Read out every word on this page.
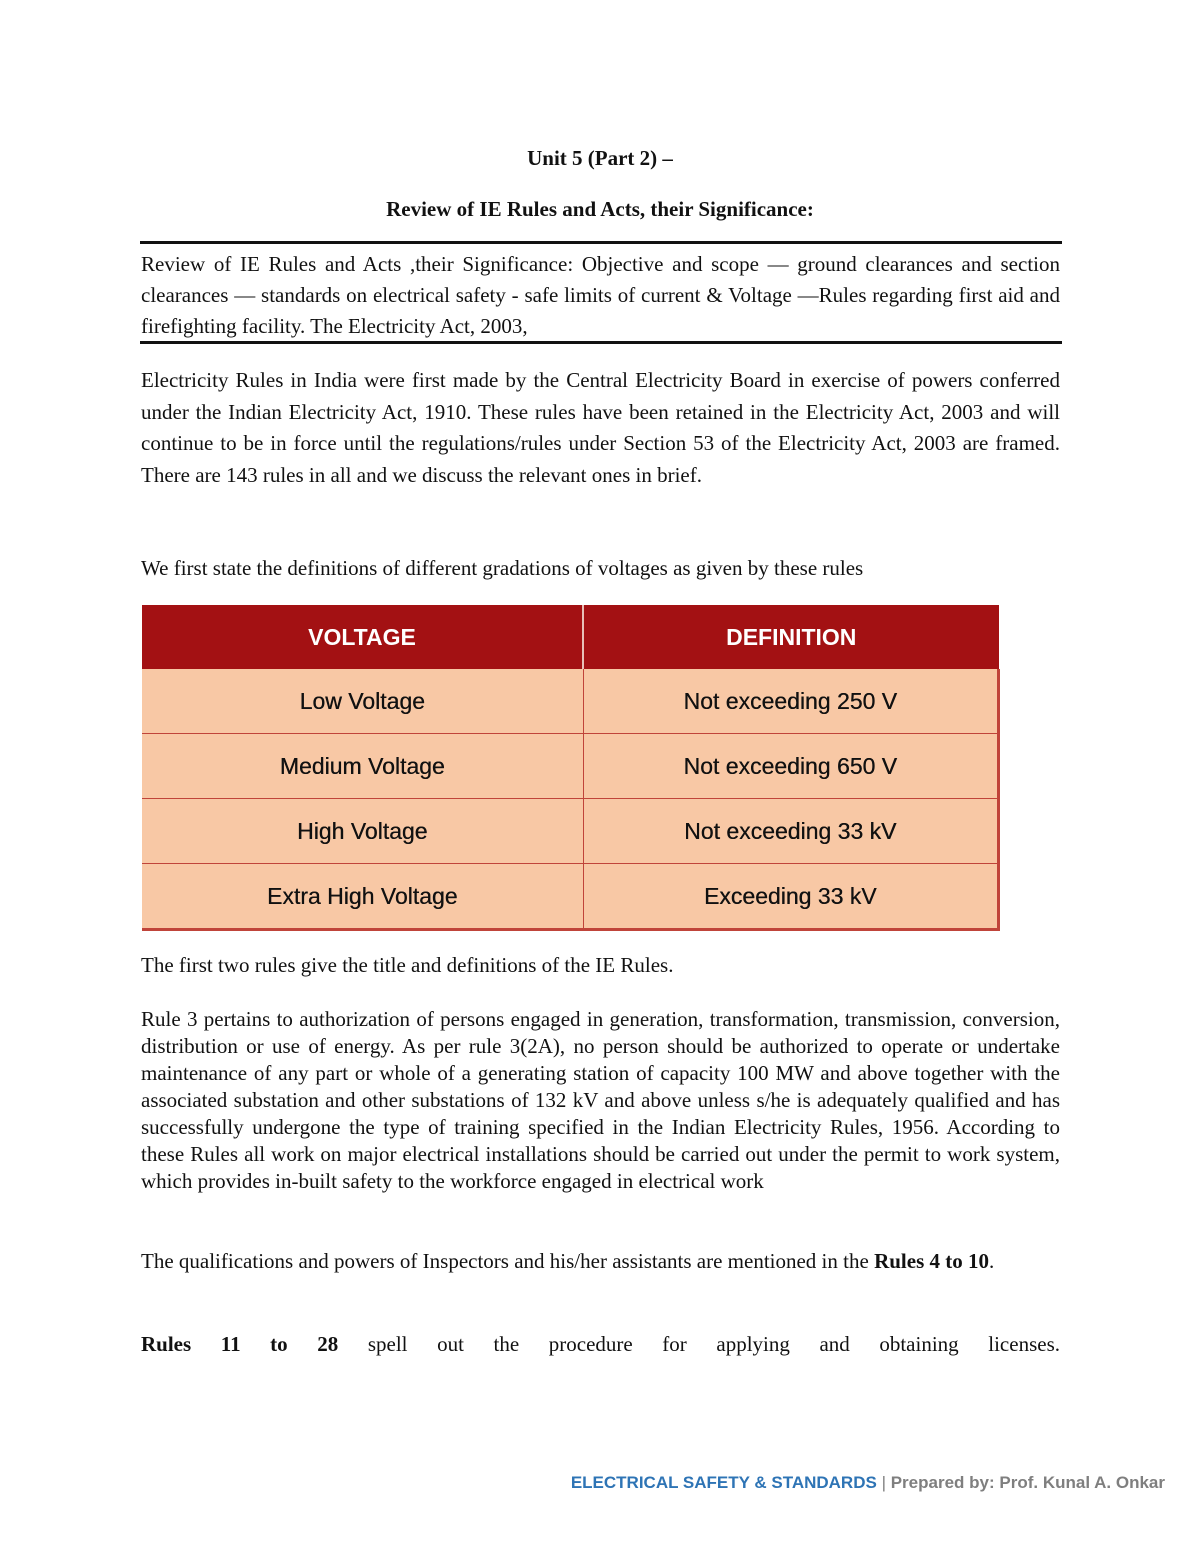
Unit 5 (Part 2) –
Review of IE Rules and Acts, their Significance:

Review of IE Rules and Acts ,their Significance: Objective and scope — ground clearances and section clearances — standards on electrical safety - safe limits of current & Voltage —Rules regarding first aid and firefighting facility. The Electricity Act, 2003,

Electricity Rules in India were first made by the Central Electricity Board in exercise of powers conferred under the Indian Electricity Act, 1910. These rules have been retained in the Electricity Act, 2003 and will continue to be in force until the regulations/rules under Section 53 of the Electricity Act, 2003 are framed. There are 143 rules in all and we discuss the relevant ones in brief.

We first state the definitions of different gradations of voltages as given by these rules

VOLTAGE	DEFINITION
Low Voltage	Not exceeding 250 V
Medium Voltage	Not exceeding 650 V
High Voltage	Not exceeding 33 kV
Extra High Voltage	Exceeding 33 kV

The first two rules give the title and definitions of the IE Rules.

Rule 3 pertains to authorization of persons engaged in generation, transformation, transmission, conversion, distribution or use of energy. As per rule 3(2A), no person should be authorized to operate or undertake maintenance of any part or whole of a generating station of capacity 100 MW and above together with the associated substation and other substations of 132 kV and above unless s/he is adequately qualified and has successfully undergone the type of training specified in the Indian Electricity Rules, 1956. According to these Rules all work on major electrical installations should be carried out under the permit to work system, which provides in-built safety to the workforce engaged in electrical work

The qualifications and powers of Inspectors and his/her assistants are mentioned in the Rules 4 to 10.

Rules 11 to 28 spell out the procedure for applying and obtaining licenses.

ELECTRICAL SAFETY & STANDARDS | Prepared by: Prof. Kunal A. Onkar
